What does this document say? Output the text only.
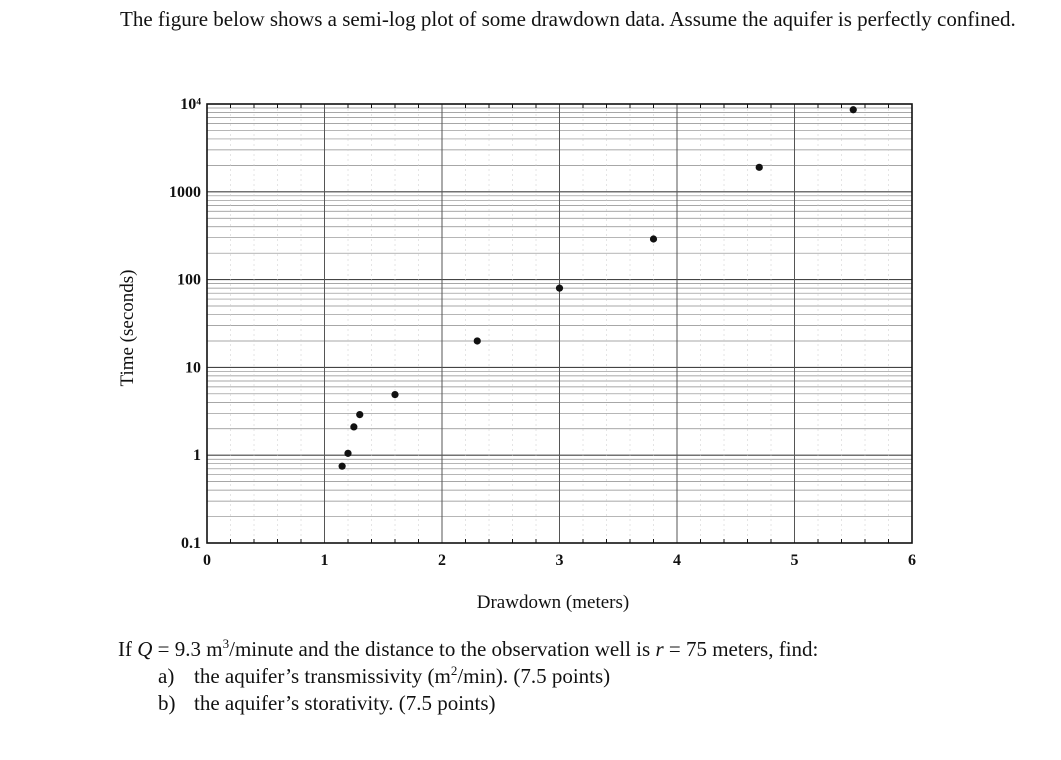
The figure below shows a semi-log plot of some drawdown data. Assume the aquifer is perfectly confined.

0	1	2	3	4	5	6
0.1
1
10
100
1000
10⁴
Drawdown (meters)
Time (seconds)
If Q = 9.3 $m^3$/minute and the distance to the observation well is r = 75 meters, find:
a) the aquifer’s transmissivity $(m^2/\min)$. (7.5 points)
b) the aquifer’s storativity. (7.5 points)
